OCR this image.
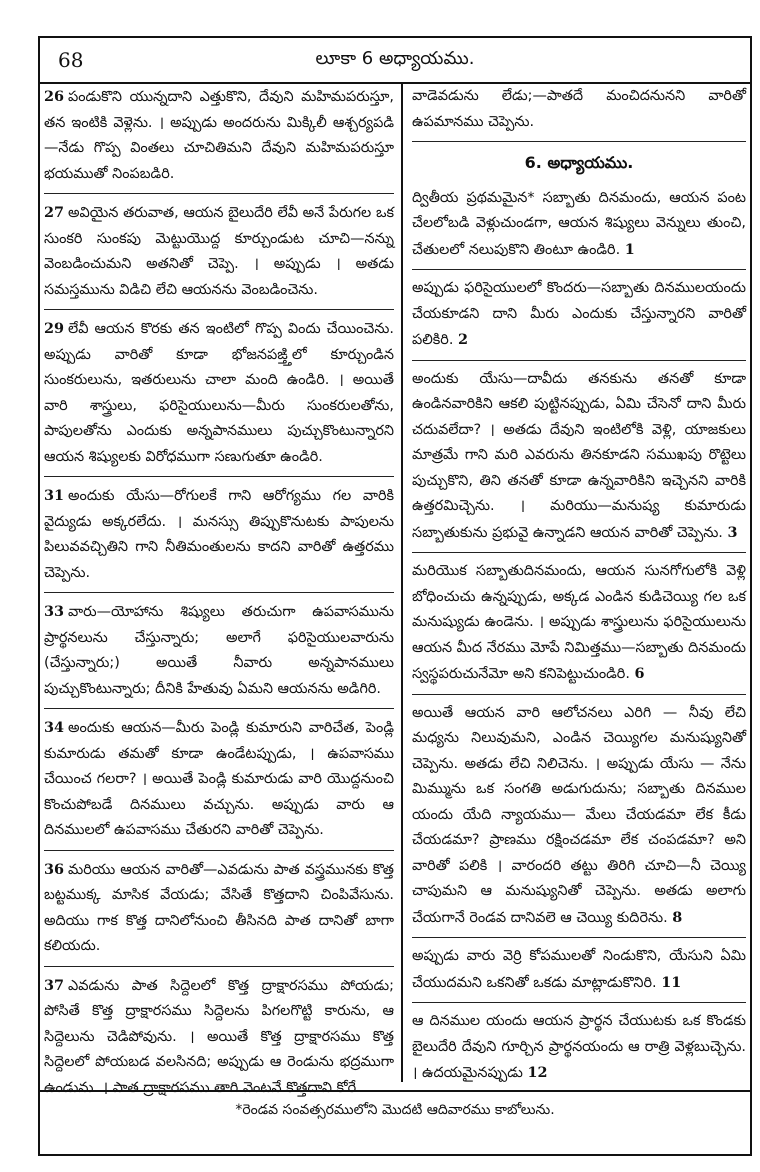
68	లూకా 6 అధ్యాయము.
26 పండుకొని యున్నదాని ఎత్తుకొని, దేవుని మహిమపరుస్తూ, తన ఇంటికి వెళ్లెను. । అప్పుడు అందరును మిక్కిలీ ఆశ్చర్యపడి—నేడు గొప్ప వింతలు చూచితిమని దేవుని మహిమపరుస్తూ భయముతో నింపబడిరి.
27 అవియైన తరువాత, ఆయన బైలుదేరి లేవీ అనే పేరుగల ఒక సుంకరి సుంకపు మెట్టుయొద్ద కూర్చుండుట చూచి—నన్ను వెంబడించుమని అతనితో చెప్పె. । అప్పుడు । అతడు సమస్తమును విడిచి లేచి ఆయనను వెంబడించెను.
29 లేవీ ఆయన కొరకు తన ఇంటిలో గొప్ప విందు చేయించెను. అప్పుడు వారితో కూడా భోజనపఙ్త్తిలో కూర్చుండిన సుంకరులును, ఇతరులును చాలా మంది ఉండిరి. । అయితే వారి శాస్త్రులు, ఫరిసైయులును—మీరు సుంకరులతోను, పాపులతోను ఎందుకు అన్నపానములు పుచ్చుకొంటున్నారని ఆయన శిష్యులకు విరోధముగా సణుగుతూ ఉండిరి.
31 అందుకు యేసు—రోగులకే గాని ఆరోగ్యము గల వారికి వైద్యుడు అక్కరలేదు. । మనస్సు తిప్పుకొనుటకు పాపులను పిలువవచ్చితిని గాని నీతిమంతులను కాదని వారితో ఉత్తరము చెప్పెను.
33 వారు—యోహాను శిష్యులు తరుచుగా ఉపవాసమును ప్రార్థనలును చేస్తున్నారు; అలాగే ఫరిసైయులవారును (చేస్తున్నారు;) అయితే నీవారు అన్నపానములు పుచ్చుకొంటున్నారు; దీనికి హేతువు ఏమని ఆయనను అడిగిరి.
34 అందుకు ఆయన—మీరు పెండ్లి కుమారుని వారిచేత, పెండ్లి కుమారుడు తమతో కూడా ఉండేటప్పుడు, । ఉపవాసము చేయించ గలరా? । అయితే పెండ్లి కుమారుడు వారి యొద్దనుంచి కొంచుపోబడే దినములు వచ్చును. అప్పుడు వారు ఆ దినములలో ఉపవాసము చేతురని వారితో చెప్పెను.
36 మరియు ఆయన వారితో—ఎవడును పాత వస్త్రమునకు కొత్త బట్టముక్క మాసిక వేయడు; వేసితే కొత్తదాని చింపివేసును. అదియు గాక కొత్త దానిలోనుంచి తీసినది పాత దానితో బాగా కలియదు.
37 ఎవడును పాత సిద్దెలలో కొత్త ద్రాక్షారసము పోయడు; పోసితే కొత్త ద్రాక్షారసము సిద్దెలను పిగలగొట్టి కారును, ఆ సిద్దెలును చెడిపోవును. । అయితే కొత్త ద్రాక్షారసము కొత్త సిద్దెలలో పోయబడ వలసినది; అప్పుడు ఆ రెండును భద్రముగా ఉండును. । పాత ద్రాక్షారసము తాగి వెంటనే కొత్తదాని కోరే
వాడెవడును లేడు;—పాతదే మంచిదనునని వారితో ఉపమానము చెప్పెను.
6. అధ్యాయము.
ద్వితీయ ప్రథమమైన* సబ్బాతు దినమందు, ఆయన పంట చేలలోబడి వెళ్లుచుండగా, ఆయన శిష్యులు వెన్నులు తుంచి, చేతులలో నలుపుకొని తింటూ ఉండిరి. 1
అప్పుడు ఫరిసైయులలో కొందరు—సబ్బాతు దినములయందు చేయకూడని దాని మీరు ఎందుకు చేస్తున్నారని వారితో పలికిరి. 2
అందుకు యేసు—దావీదు తనకును తనతో కూడా ఉండినవారికిని ఆకలి పుట్టినప్పుడు, ఏమి చేసెనో దాని మీరు చదువలేదా? । అతడు దేవుని ఇంటిలోకి వెళ్లి, యాజకులు మాత్రమే గాని మరి ఎవరును తినకూడని సముఖపు రొట్టెలు పుచ్చుకొని, తిని తనతో కూడా ఉన్నవారికిని ఇచ్చెనని వారికి ఉత్తరమిచ్చెను. । మరియు—మనుష్య కుమారుడు సబ్బాతుకును ప్రభువై ఉన్నాడని ఆయన వారితో చెప్పెను. 3
మరియొక సబ్బాతుదినమందు, ఆయన సునగోగులోకి వెళ్లి బోధించుచు ఉన్నప్పుడు, అక్కడ ఎండిన కుడిచెయ్యి గల ఒక మనుష్యుడు ఉండెను. । అప్పుడు శాస్త్రులును ఫరిసైయులును ఆయన మీద నేరము మోపే నిమిత్తము—సబ్బాతు దినమందు స్వస్థపరుచునేమో అని కనిపెట్టుచుండిరి. 6
అయితే ఆయన వారి ఆలోచనలు ఎరిగి — నీవు లేచి మధ్యను నిలువుమని, ఎండిన చెయ్యిగల మనుష్యునితో చెప్పెను. అతడు లేచి నిలిచెను. । అప్పుడు యేసు — నేను మిమ్మును ఒక సంగతి అడుగుదును; సబ్బాతు దినముల యందు యేది న్యాయము— మేలు చేయడమా లేక కీడు చేయడమా? ప్రాణము రక్షించడమా లేక చంపడమా? అని వారితో పలికి । వారందరి తట్టు తిరిగి చూచి—నీ చెయ్యి చాపుమని ఆ మనుష్యునితో చెప్పెను. అతడు అలాగు చేయగానే రెండవ దానివలె ఆ చెయ్యి కుదిరెను. 8
అప్పుడు వారు వెర్రి కోపములతో నిండుకొని, యేసుని ఏమి చేయుదమని ఒకనితో ఒకడు మాట్లాడుకొనిరి. 11
ఆ దినముల యందు ఆయన ప్రార్థన చేయుటకు ఒక కొండకు బైలుదేరి దేవుని గూర్చిన ప్రార్థనయందు ఆ రాత్రి వెళ్లబుచ్చెను. । ఉదయమైనప్పుడు 12
*రెండవ సంవత్సరములోని మొదటి ఆదివారము కాబోలును.
